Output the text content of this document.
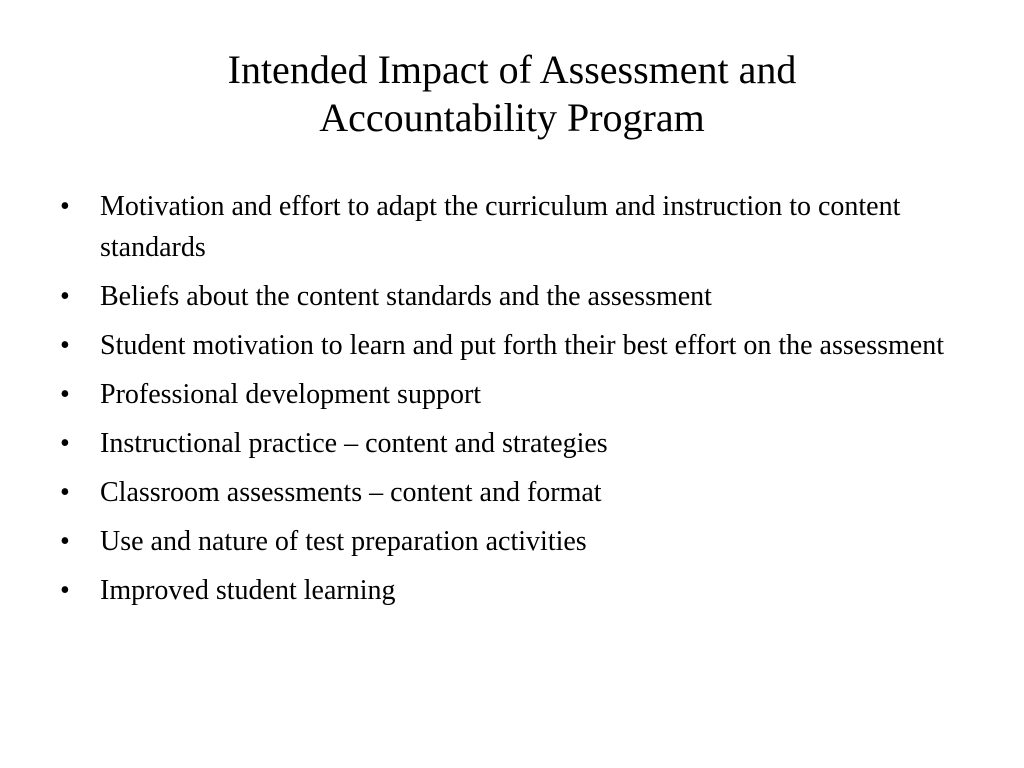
Intended Impact of Assessment and
Accountability Program
• Motivation and effort to adapt the curriculum and instruction to content standards
• Beliefs about the content standards and the assessment
• Student motivation to learn and put forth their best effort on the assessment
• Professional development support
• Instructional practice – content and strategies
• Classroom assessments – content and format
• Use and nature of test preparation activities
• Improved student learning
